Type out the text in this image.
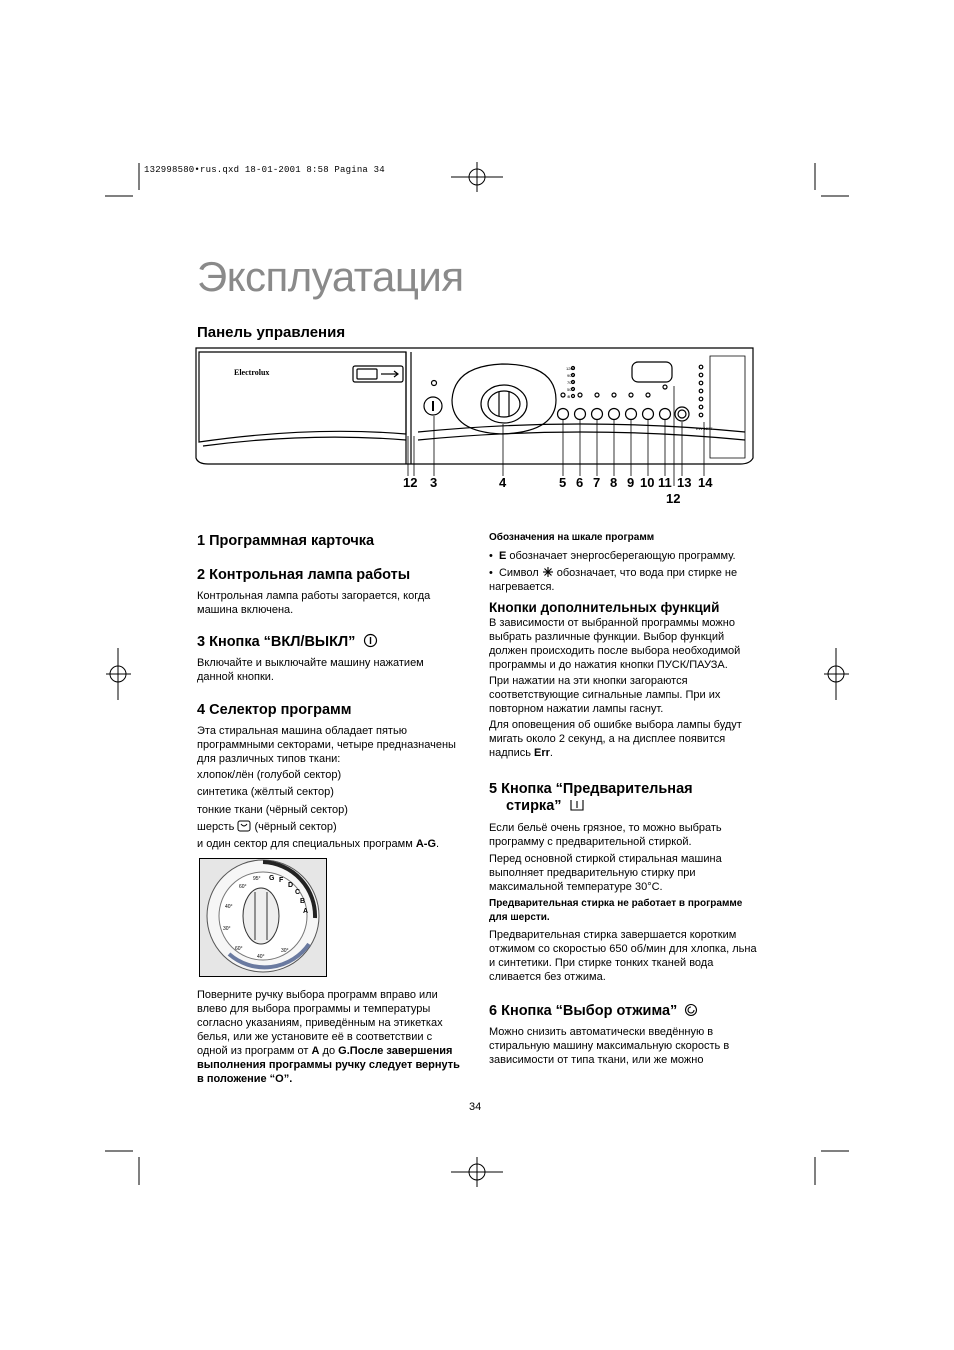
132998580•rus.qxd 18-01-2001 8:58 Pagina 34
Эксплуатация
Панель управления
Electrolux	1200
900
700
500
⊗
EW 1277
12 3	4	5 6 7 8 9 10 11 13
12
14
1 Программная карточка
2 Контрольная лампа работы
Контрольная лампа работы загорается, когда машина включена.
3 Кнопка “ВКЛ/ВЫКЛ”
Включайте и выключайте машину нажатием данной кнопки.
4 Селектор программ
Эта стиральная машина обладает пятью программными секторами, четыре предназначены для различных типов ткани:
хлопок/лён (голубой сектор)
синтетика (жёлтый сектор)
тонкие ткани (чёрный сектор)
шерсть (чёрный сектор)
и один сектор для специальных программ A-G.
G F
D
C
B
A
95°
60°
40°
30°
60°
40°
30°
Поверните ручку выбора программ вправо или влево для выбора программы и температуры согласно указаниям, приведённым на этикетках белья, или же установите её в соответствии с одной из программ от A до G.После завершения выполнения программы ручку следует вернуть в положение “O”.
Обозначения на шкале программ
•  E обозначает энергосберегающую программу.
•  Символ обозначает, что вода при стирке не нагревается.
Кнопки дополнительных функций
В зависимости от выбранной программы можно выбрать различные функции. Выбор функций должен происходить после выбора необходимой программы и до нажатия кнопки ПУСК/ПАУЗА.
При нажатии на эти кнопки загораются соответствующие сигнальные лампы. При их повторном нажатии лампы гаснут.
Для оповещения об ошибке выбора лампы будут мигать около 2 секунд, а на дисплее появится надпись Err.
5 Кнопка “Предварительная
стирка”
Если бельё очень грязное, то можно выбрать программу с предварительной стиркой.
Перед основной стиркой стиральная машина выполняет предварительную стирку при максимальной температуре 30°С.
Предварительная стирка не работает в программе для шерсти.
Предварительная стирка завершается коротким отжимом со скоростью 650 об/мин для хлопка, льна и синтетики. При стирке тонких тканей вода сливается без отжима.
6 Кнопка “Выбор отжима”
Можно снизить автоматически введённую в стиральную машину максимальную скорость в зависимости от типа ткани, или же можно
34
